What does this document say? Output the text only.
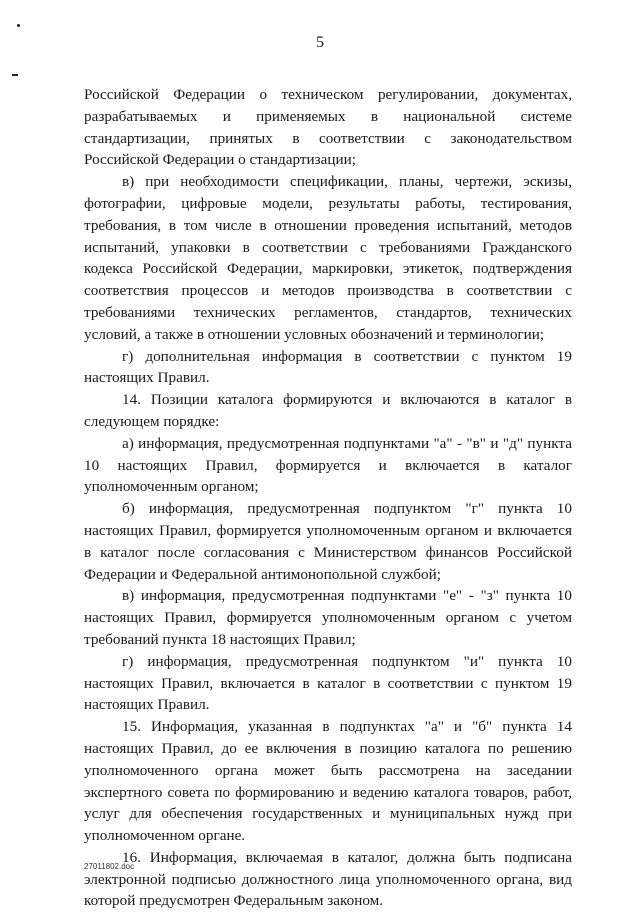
5

Российской Федерации о техническом регулировании, документах, разрабатываемых и применяемых в национальной системе стандартизации, принятых в соответствии с законодательством Российской Федерации о стандартизации;

в) при необходимости спецификации, планы, чертежи, эскизы, фотографии, цифровые модели, результаты работы, тестирования, требования, в том числе в отношении проведения испытаний, методов испытаний, упаковки в соответствии с требованиями Гражданского кодекса Российской Федерации, маркировки, этикеток, подтверждения соответствия процессов и методов производства в соответствии с требованиями технических регламентов, стандартов, технических условий, а также в отношении условных обозначений и терминологии;

г) дополнительная информация в соответствии с пунктом 19 настоящих Правил.

14. Позиции каталога формируются и включаются в каталог в следующем порядке:

а) информация, предусмотренная подпунктами "а" - "в" и "д" пункта 10 настоящих Правил, формируется и включается в каталог уполномоченным органом;

б) информация, предусмотренная подпунктом "г" пункта 10 настоящих Правил, формируется уполномоченным органом и включается в каталог после согласования с Министерством финансов Российской Федерации и Федеральной антимонопольной службой;

в) информация, предусмотренная подпунктами "е" - "з" пункта 10 настоящих Правил, формируется уполномоченным органом с учетом требований пункта 18 настоящих Правил;

г) информация, предусмотренная подпунктом "и" пункта 10 настоящих Правил, включается в каталог в соответствии с пунктом 19 настоящих Правил.

15. Информация, указанная в подпунктах "а" и "б" пункта 14 настоящих Правил, до ее включения в позицию каталога по решению уполномоченного органа может быть рассмотрена на заседании экспертного совета по формированию и ведению каталога товаров, работ, услуг для обеспечения государственных и муниципальных нужд при уполномоченном органе.

16. Информация, включаемая в каталог, должна быть подписана электронной подписью должностного лица уполномоченного органа, вид которой предусмотрен Федеральным законом.

27011802.doc
